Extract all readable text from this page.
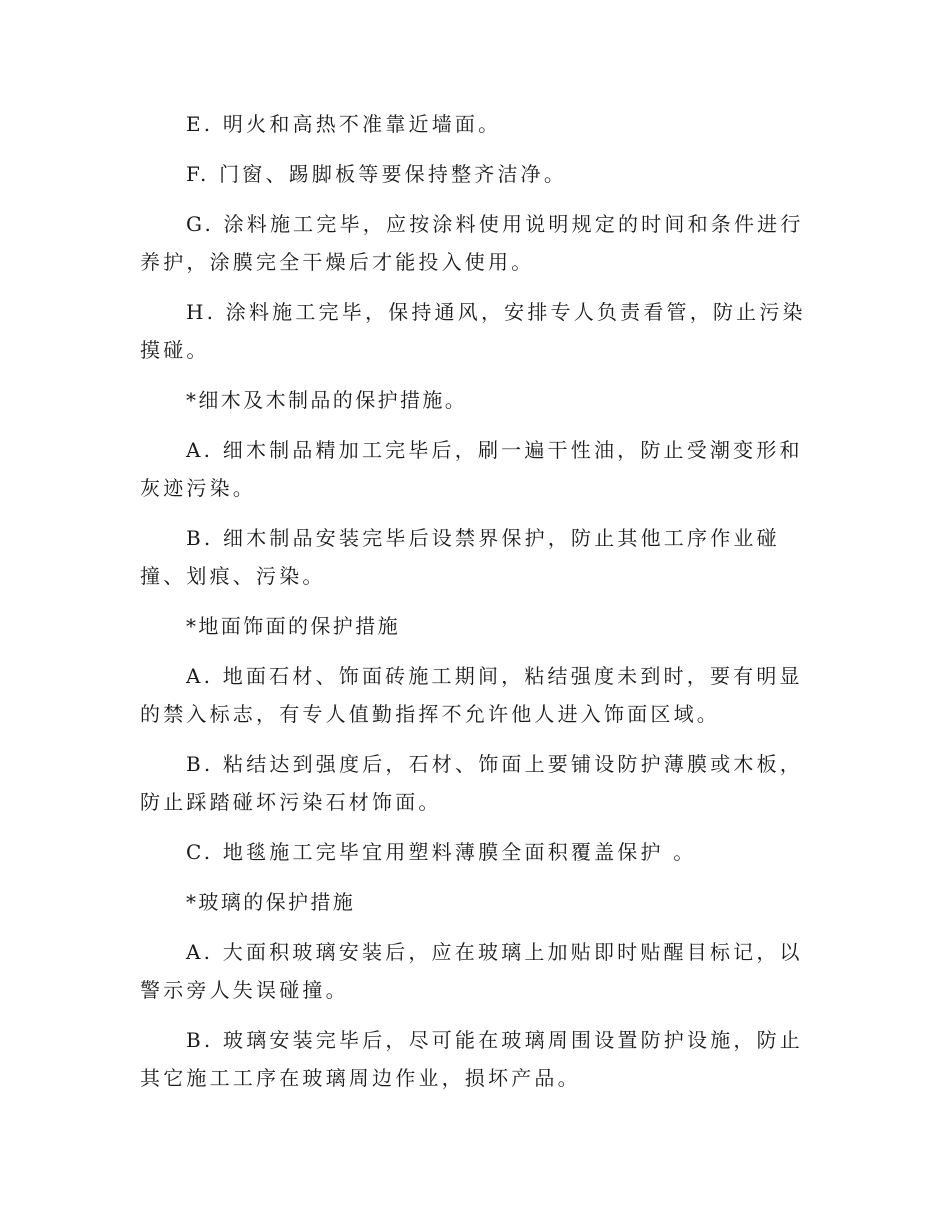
E. 明火和高热不准靠近墙面。

F. 门窗、踢脚板等要保持整齐洁净。

G. 涂料施工完毕，应按涂料使用说明规定的时间和条件进行养护，涂膜完全干燥后才能投入使用。

H. 涂料施工完毕，保持通风，安排专人负责看管，防止污染摸碰。

*细木及木制品的保护措施。

A. 细木制品精加工完毕后，刷一遍干性油，防止受潮变形和灰迹污染。

B. 细木制品安装完毕后设禁界保护，防止其他工序作业碰撞、划痕、污染。

*地面饰面的保护措施

A. 地面石材、饰面砖施工期间，粘结强度未到时，要有明显的禁入标志，有专人值勤指挥不允许他人进入饰面区域。

B. 粘结达到强度后，石材、饰面上要铺设防护薄膜或木板，防止踩踏碰坏污染石材饰面。

C. 地毯施工完毕宜用塑料薄膜全面积覆盖保护 。

*玻璃的保护措施

A. 大面积玻璃安装后，应在玻璃上加贴即时贴醒目标记，以警示旁人失误碰撞。

B. 玻璃安装完毕后，尽可能在玻璃周围设置防护设施，防止其它施工工序在玻璃周边作业，损坏产品。
